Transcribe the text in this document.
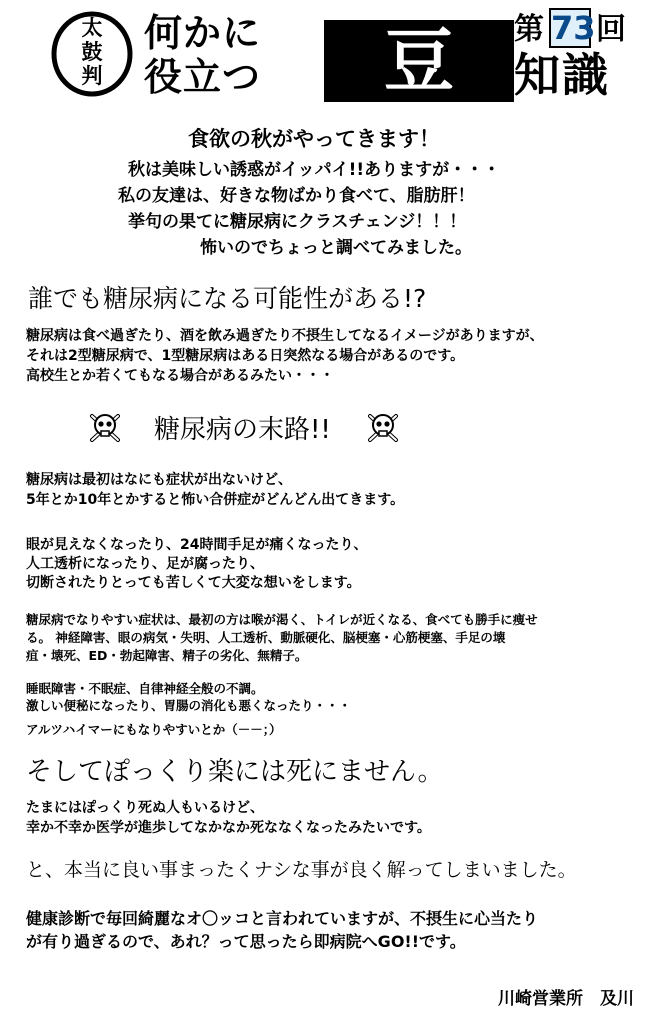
太鼓判
何かに
役立つ	豆	第 73 回
知識
食欲の秋がやってきます！
秋は美味しい誘惑がイッパイ!!ありますが・・・
私の友達は、好きな物ばかり食べて、脂肪肝！
挙句の果てに糖尿病にクラスチェンジ！！！
怖いのでちょっと調べてみました。
誰でも糖尿病になる可能性がある!?
糖尿病は食べ過ぎたり、酒を飲み過ぎたり不摂生してなるイメージがありますが、
それは2型糖尿病で、1型糖尿病はある日突然なる場合があるのです。
高校生とか若くてもなる場合があるみたい・・・
糖尿病の末路!!
糖尿病は最初はなにも症状が出ないけど、
5年とか10年とかすると怖い合併症がどんどん出てきます。
眼が見えなくなったり、24時間手足が痛くなったり、
人工透析になったり、足が腐ったり、
切断されたりとっても苦しくて大変な想いをします。
糖尿病でなりやすい症状は、最初の方は喉が渇く、トイレが近くなる、食べても勝手に痩せ
る。 神経障害、眼の病気・失明、人工透析、動脈硬化、脳梗塞・心筋梗塞、手足の壊
疽・壊死、ED・勃起障害、精子の劣化、無精子。
睡眠障害・不眠症、自律神経全般の不調。
激しい便秘になったり、胃腸の消化も悪くなったり・・・
アルツハイマーにもなりやすいとか（－－；）
そしてぽっくり楽には死にません。
たまにはぽっくり死ぬ人もいるけど、
幸か不幸か医学が進歩してなかなか死ななくなったみたいです。
と、本当に良い事まったくナシな事が良く解ってしまいました。
健康診断で毎回綺麗なオ〇ッコと言われていますが、不摂生に心当たり
が有り過ぎるので、あれ？って思ったら即病院へGO!!です。
川崎営業所　及川
